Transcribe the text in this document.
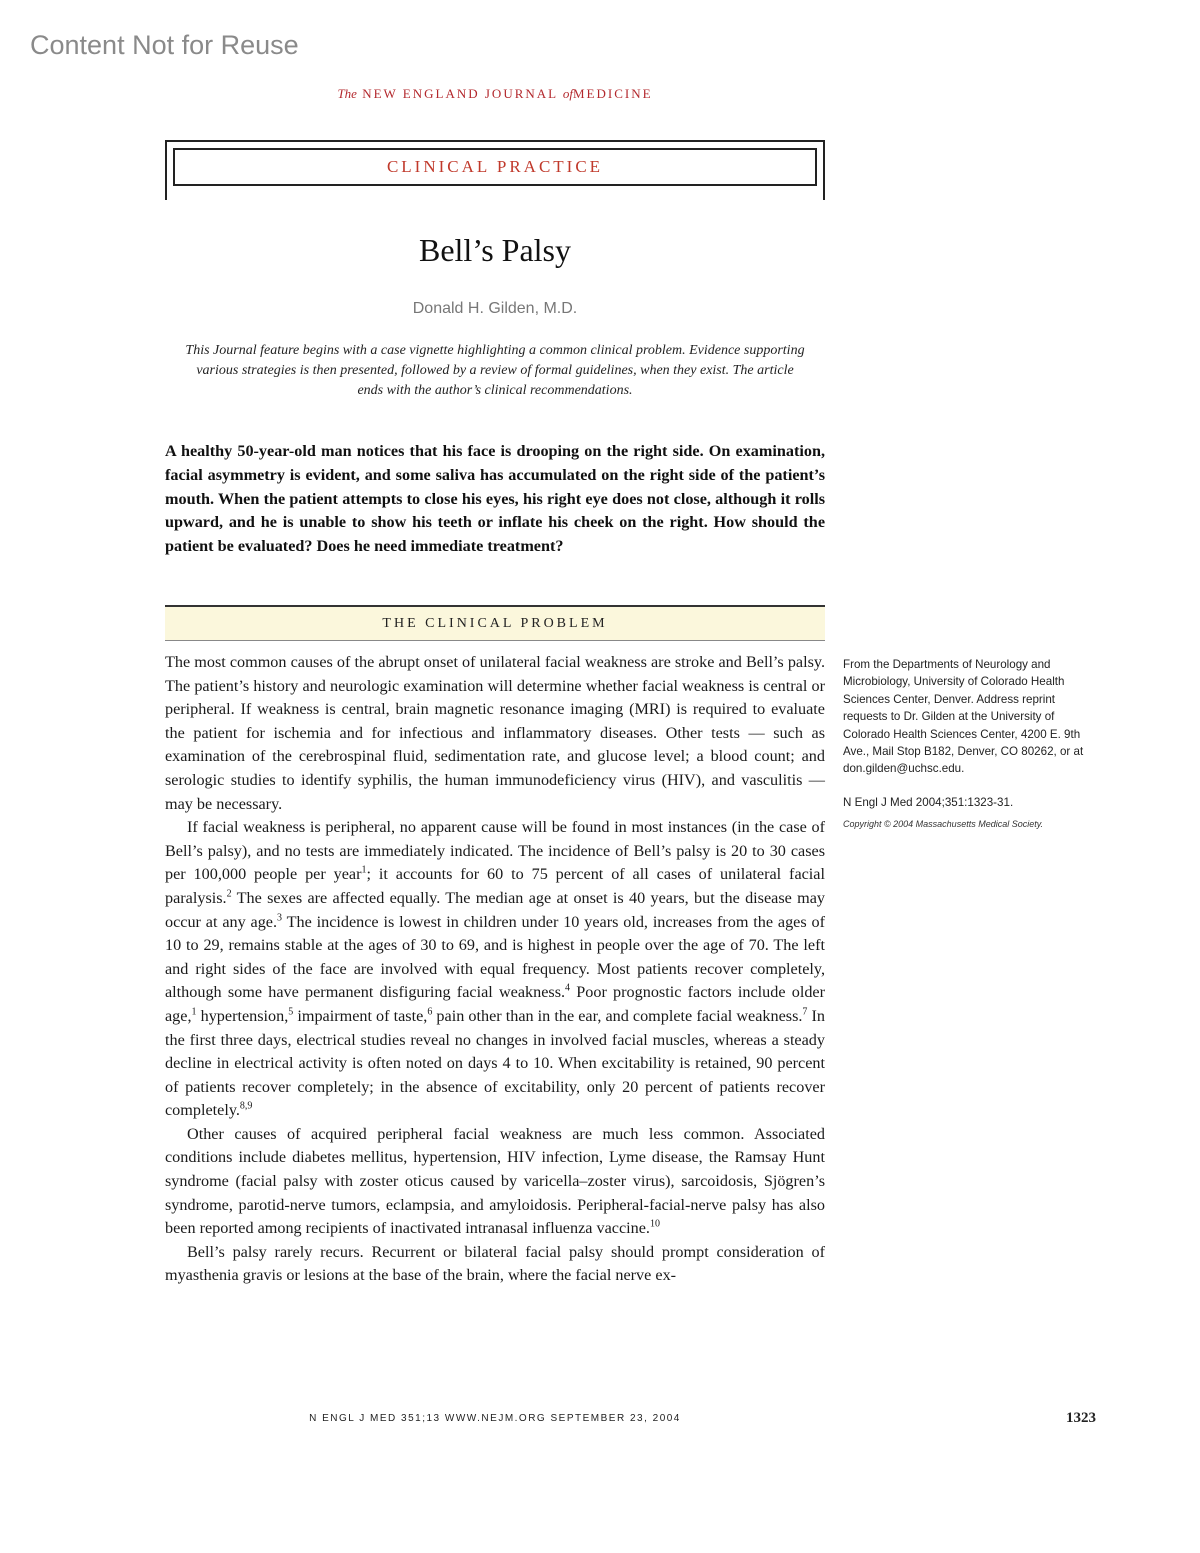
Content Not for Reuse
The NEW ENGLAND JOURNAL ofMEDICINE
CLINICAL PRACTICE
Bell’s Palsy
Donald H. Gilden, M.D.
This Journal feature begins with a case vignette highlighting a common clinical problem. Evidence supporting various strategies is then presented, followed by a review of formal guidelines, when they exist. The article ends with the author’s clinical recommendations.
A healthy 50-year-old man notices that his face is drooping on the right side. On examination, facial asymmetry is evident, and some saliva has accumulated on the right side of the patient’s mouth. When the patient attempts to close his eyes, his right eye does not close, although it rolls upward, and he is unable to show his teeth or inflate his cheek on the right. How should the patient be evaluated? Does he need immediate treatment?
THE CLINICAL PROBLEM

The most common causes of the abrupt onset of unilateral facial weakness are stroke and Bell’s palsy. The patient’s history and neurologic examination will determine whether facial weakness is central or peripheral. If weakness is central, brain magnetic resonance imaging (MRI) is required to evaluate the patient for ischemia and for infectious and inflammatory diseases. Other tests — such as examination of the cerebrospinal fluid, sedimentation rate, and glucose level; a blood count; and serologic studies to identify syphilis, the human immunodeficiency virus (HIV), and vasculitis — may be necessary.

If facial weakness is peripheral, no apparent cause will be found in most instances (in the case of Bell’s palsy), and no tests are immediately indicated. The incidence of Bell’s palsy is 20 to 30 cases per 100,000 people per year$^1$; it accounts for 60 to 75 percent of all cases of unilateral facial paralysis.$^2$ The sexes are affected equally. The median age at onset is 40 years, but the disease may occur at any age.$^3$ The incidence is lowest in children under 10 years old, increases from the ages of 10 to 29, remains stable at the ages of 30 to 69, and is highest in people over the age of 70. The left and right sides of the face are involved with equal frequency. Most patients recover completely, although some have permanent disfiguring facial weakness.$^4$ Poor prognostic factors include older age,$^1$ hypertension,$^5$ impairment of taste,$^6$ pain other than in the ear, and complete facial weakness.$^7$ In the first three days, electrical studies reveal no changes in involved facial muscles, whereas a steady decline in electrical activity is often noted on days 4 to 10. When excitability is retained, 90 percent of patients recover completely; in the absence of excitability, only 20 percent of patients recover completely.$^{8,9}$

Other causes of acquired peripheral facial weakness are much less common. Associated conditions include diabetes mellitus, hypertension, HIV infection, Lyme disease, the Ramsay Hunt syndrome (facial palsy with zoster oticus caused by varicella–zoster virus), sarcoidosis, Sjögren’s syndrome, parotid-nerve tumors, eclampsia, and amyloidosis. Peripheral-facial-nerve palsy has also been reported among recipients of inactivated intranasal influenza vaccine.$^{10}$

Bell’s palsy rarely recurs. Recurrent or bilateral facial palsy should prompt consideration of myasthenia gravis or lesions at the base of the brain, where the facial nerve ex-

From the Departments of Neurology and Microbiology, University of Colorado Health Sciences Center, Denver. Address reprint requests to Dr. Gilden at the University of Colorado Health Sciences Center, 4200 E. 9th Ave., Mail Stop B182, Denver, CO 80262, or at don.gilden@uchsc.edu.

N Engl J Med 2004;351:1323-31.
Copyright © 2004 Massachusetts Medical Society.
N ENGL J MED 351;13 WWW.NEJM.ORG SEPTEMBER 23, 2004	1323
